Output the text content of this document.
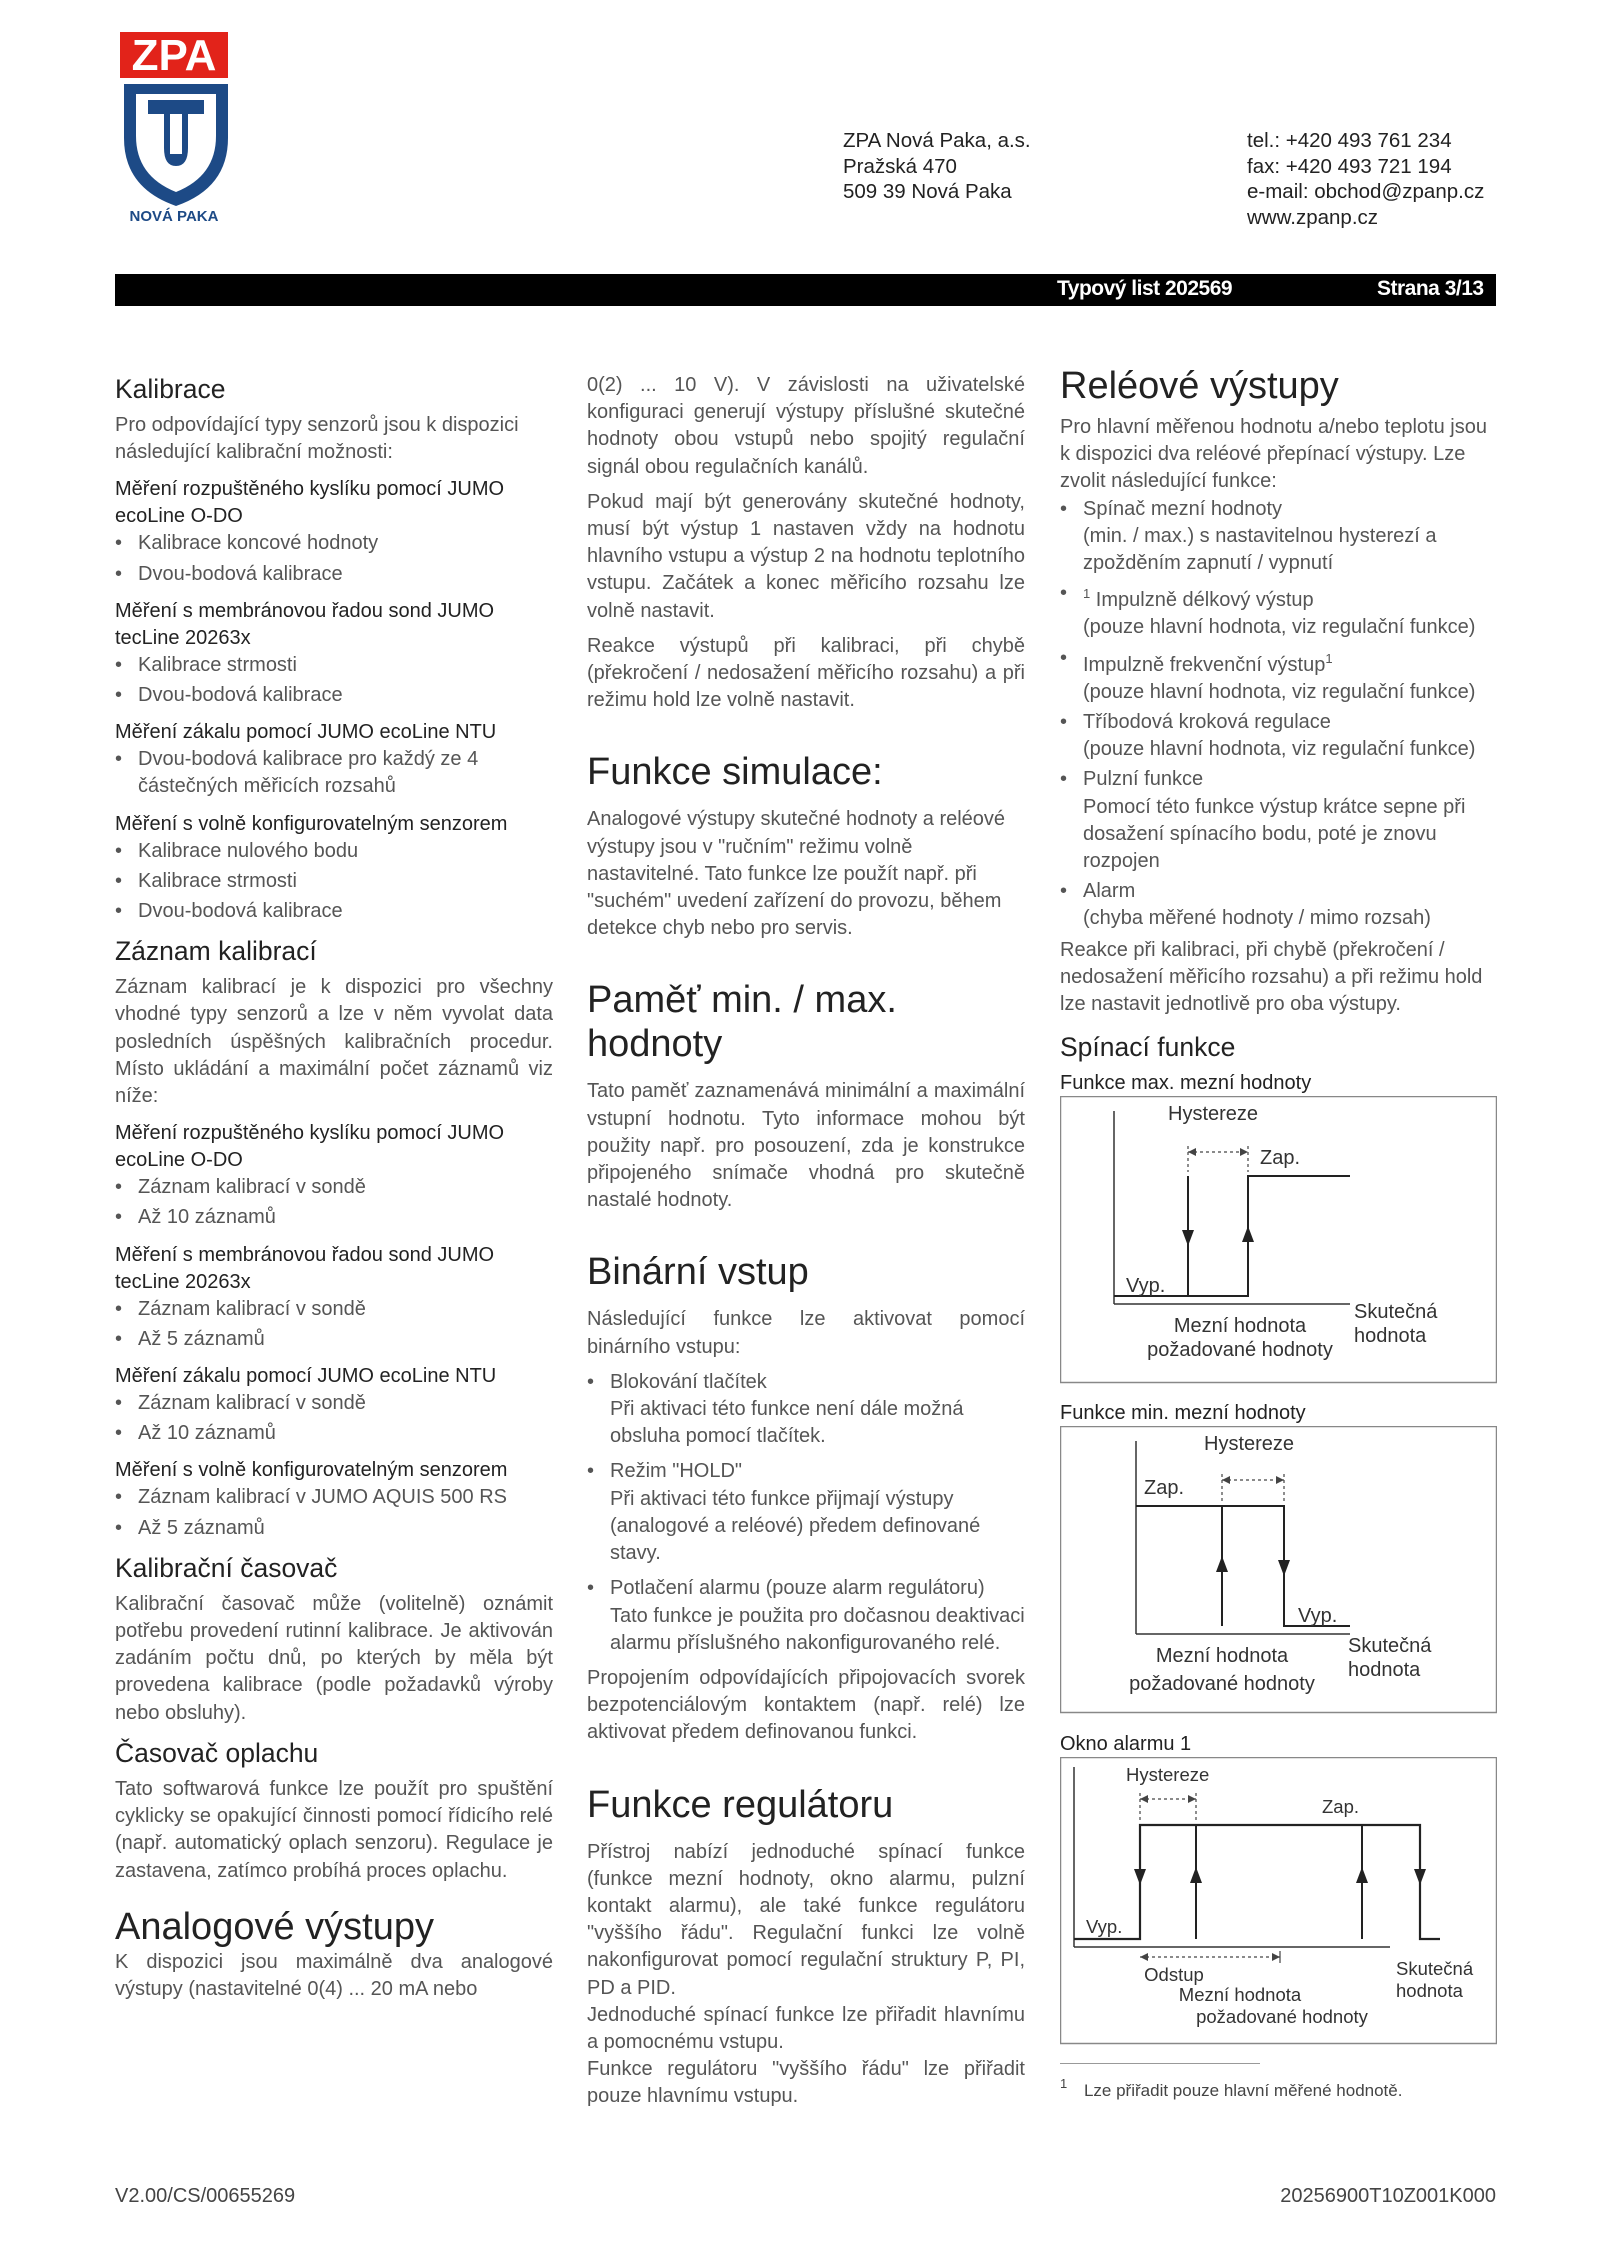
ZPA
NOVÁ PAKA
ZPA Nová Paka, a.s.
Pražská 470
509 39 Nová Paka
tel.: +420 493 761 234
fax: +420 493 721 194
e-mail: obchod@zpanp.cz
www.zpanp.cz
Typový list 202569	Strana 3/13
Kalibrace

Pro odpovídající typy senzorů jsou k dispozici následující kalibrační možnosti:

Měření rozpuštěného kyslíku pomocí JUMO ecoLine O-DO
• Kalibrace koncové hodnoty
• Dvou-bodová kalibrace
Měření s membránovou řadou sond JUMO tecLine 20263x
• Kalibrace strmosti
• Dvou-bodová kalibrace
Měření zákalu pomocí JUMO ecoLine NTU
• Dvou-bodová kalibrace pro každý ze 4 částečných měřicích rozsahů
Měření s volně konfigurovatelným senzorem
• Kalibrace nulového bodu
• Kalibrace strmosti
• Dvou-bodová kalibrace
Záznam kalibrací

Záznam kalibrací je k dispozici pro všechny vhodné typy senzorů a lze v něm vyvolat data posledních úspěšných kalibračních procedur. Místo ukládání a maximální počet záznamů viz níže:

Měření rozpuštěného kyslíku pomocí JUMO ecoLine O-DO
• Záznam kalibrací v sondě
• Až 10 záznamů
Měření s membránovou řadou sond JUMO tecLine 20263x
• Záznam kalibrací v sondě
• Až 5 záznamů
Měření zákalu pomocí JUMO ecoLine NTU
• Záznam kalibrací v sondě
• Až 10 záznamů
Měření s volně konfigurovatelným senzorem
• Záznam kalibrací v JUMO AQUIS 500 RS
• Až 5 záznamů
Kalibrační časovač

Kalibrační časovač může (volitelně) oznámit potřebu provedení rutinní kalibrace. Je aktivován zadáním počtu dnů, po kterých by měla být provedena kalibrace (podle požadavků výroby nebo obsluhy).

Časovač oplachu

Tato softwarová funkce lze použít pro spuštění cyklicky se opakující činnosti pomocí řídicího relé (např. automatický oplach senzoru). Regulace je zastavena, zatímco probíhá proces oplachu.

Analogové výstupy

K dispozici jsou maximálně dva analogové výstupy (nastavitelné 0(4) ... 20 mA nebo

0(2) ... 10 V). V závislosti na uživatelské konfiguraci generují výstupy příslušné skutečné hodnoty obou vstupů nebo spojitý regulační signál obou regulačních kanálů.

Pokud mají být generovány skutečné hodnoty, musí být výstup 1 nastaven vždy na hodnotu hlavního vstupu a výstup 2 na hodnotu teplotního vstupu. Začátek a konec měřicího rozsahu lze volně nastavit.

Reakce výstupů při kalibraci, při chybě (překročení / nedosažení měřicího rozsahu) a při režimu hold lze volně nastavit.

Funkce simulace:

Analogové výstupy skutečné hodnoty a reléové výstupy jsou v "ručním" režimu volně nastavitelné. Tato funkce lze použít např. při "suchém" uvedení zařízení do provozu, během detekce chyb nebo pro servis.

Paměť min. / max. hodnoty

Tato paměť zaznamenává minimální a maximální vstupní hodnotu. Tyto informace mohou být použity např. pro posouzení, zda je konstrukce připojeného snímače vhodná pro skutečně nastalé hodnoty.

Binární vstup

Následující funkce lze aktivovat pomocí binárního vstupu:

• Blokování tlačítek
Při aktivaci této funkce není dále možná obsluha pomocí tlačítek.
• Režim "HOLD"
Při aktivaci této funkce přijmají výstupy (analogové a reléové) předem definované stavy.
• Potlačení alarmu (pouze alarm regulátoru)
Tato funkce je použita pro dočasnou deaktivaci alarmu příslušného nakonfigurovaného relé.

Propojením odpovídajících připojovacích svorek bezpotenciálovým kontaktem (např. relé) lze aktivovat předem definovanou funkci.

Funkce regulátoru

Přístroj nabízí jednoduché spínací funkce (funkce mezní hodnoty, okno alarmu, pulzní kontakt alarmu), ale také funkce regulátoru "vyššího řádu". Regulační funkci lze volně nakonfigurovat pomocí regulační struktury P, PI, PD a PID.

Jednoduché spínací funkce lze přiřadit hlavnímu a pomocnému vstupu.

Funkce regulátoru "vyššího řádu" lze přiřadit pouze hlavnímu vstupu.

Reléové výstupy

Pro hlavní měřenou hodnotu a/nebo teplotu jsou k dispozici dva reléové přepínací výstupy. Lze zvolit následující funkce:

• Spínač mezní hodnoty
(min. / max.) s nastavitelnou hysterezí a zpožděním zapnutí / vypnutí
• $^1$ Impulzně délkový výstup
(pouze hlavní hodnota, viz regulační funkce)
• Impulzně frekvenční výstup$^1$
(pouze hlavní hodnota, viz regulační funkce)
• Tříbodová kroková regulace
(pouze hlavní hodnota, viz regulační funkce)
• Pulzní funkce
Pomocí této funkce výstup krátce sepne při dosažení spínacího bodu, poté je znovu rozpojen
• Alarm
(chyba měřené hodnoty / mimo rozsah)

Reakce při kalibraci, při chybě (překročení / nedosažení měřicího rozsahu) a při režimu hold lze nastavit jednotlivě pro oba výstupy.

Spínací funkce
Funkce max. mezní hodnoty
Hystereze
Zap.
Vyp.
Mezní hodnota
požadované hodnoty
Skutečná
hodnota
Funkce min. mezní hodnoty
Hystereze
Zap.
Vyp.
Mezní hodnota
požadované hodnoty
Skutečná
hodnota
Okno alarmu 1
Hystereze
Zap.
Vyp.
Odstup
Mezní hodnota
požadované hodnoty
Skutečná
hodnota
$^1$ Lze přiřadit pouze hlavní měřené hodnotě.
V2.00/CS/00655269	20256900T10Z001K000
